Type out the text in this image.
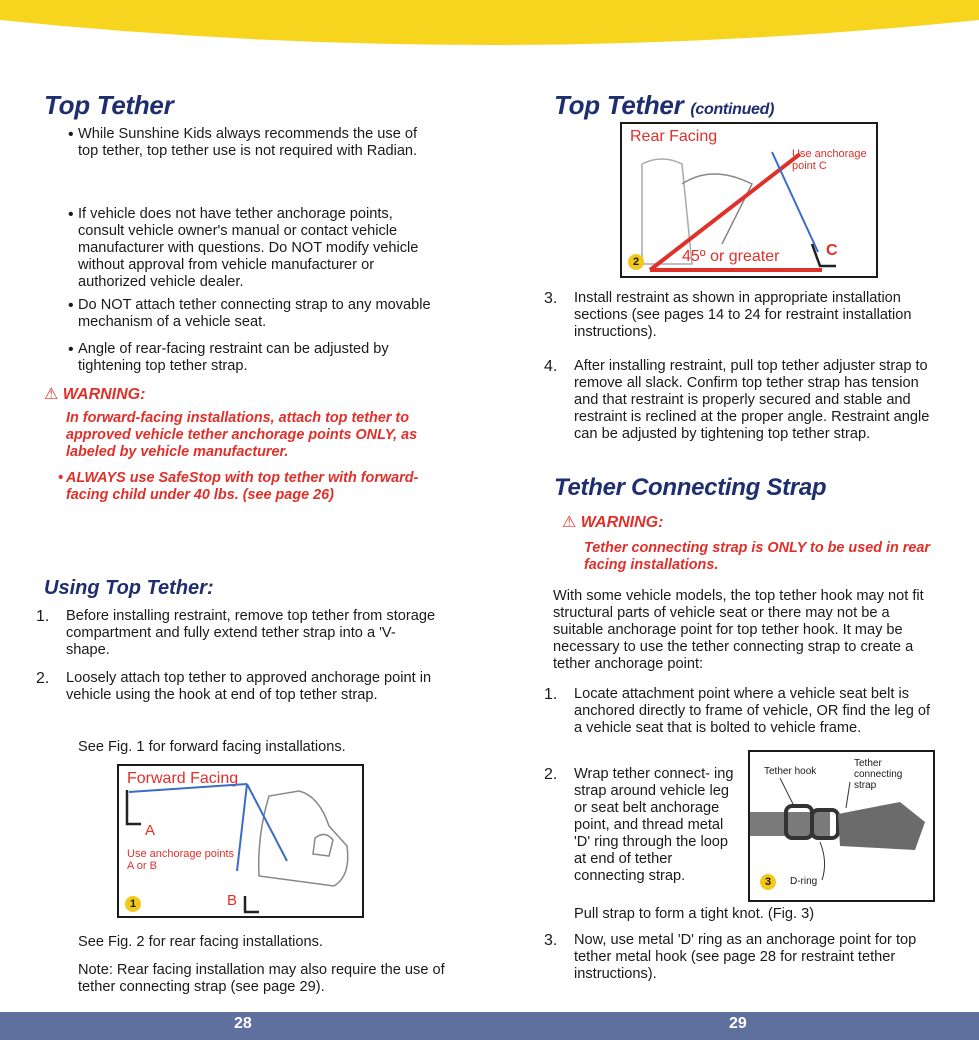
Top Tether
• While Sunshine Kids always recommends the use of top tether, top tether use is not required with Radian.

• If vehicle does not have tether anchorage points, consult vehicle owner's manual or contact vehicle manufacturer with questions. Do NOT modify vehicle without approval from vehicle manufacturer or authorized vehicle dealer.

• Do NOT attach tether connecting strap to any movable mechanism of a vehicle seat.

• Angle of rear-facing restraint can be adjusted by tightening top tether strap.

⚠ WARNING:
In forward-facing installations, attach top tether to approved vehicle tether anchorage points ONLY, as labeled by vehicle manufacturer.
• ALWAYS use SafeStop with top tether with forward-facing child under 40 lbs. (see page 26)
Using Top Tether:
1. Before installing restraint, remove top tether from storage compartment and fully extend tether strap into a 'V-shape.

2. Loosely attach top tether to approved anchorage point in vehicle using the hook at end of top tether strap.

See Fig. 1 for forward facing installations.

Forward Facing
A
Use anchorage points A or B
B
1

See Fig. 2 for rear facing installations.

Note: Rear facing installation may also require the use of tether connecting strap (see page 29).

Top Tether (continued)
Rear Facing
Use anchorage point C
45º or greater	C
2
3. Install restraint as shown in appropriate installation sections (see pages 14 to 24 for restraint installation instructions).

4. After installing restraint, pull top tether adjuster strap to remove all slack. Confirm top tether strap has tension and that restraint is properly secured and stable and restraint is reclined at the proper angle. Restraint angle can be adjusted by tightening top tether strap.

Tether Connecting Strap
⚠ WARNING:
Tether connecting strap is ONLY to be used in rear facing installations.

With some vehicle models, the top tether hook may not fit structural parts of vehicle seat or there may not be a suitable anchorage point for top tether hook. It may be necessary to use the tether connecting strap to create a tether anchorage point:

1. Locate attachment point where a vehicle seat belt is anchored directly to frame of vehicle, OR find the leg of a vehicle seat that is bolted to vehicle frame.

2. Wrap tether connect- ing strap around vehicle leg or seat belt anchorage point, and thread metal 'D' ring through the loop at end of tether connecting strap.

Pull strap to form a tight knot. (Fig. 3)

Tether hook
Tether connecting strap
D-ring
3
3. Now, use metal 'D' ring as an anchorage point for top tether metal hook (see page 28 for restraint tether instructions).

28	29
